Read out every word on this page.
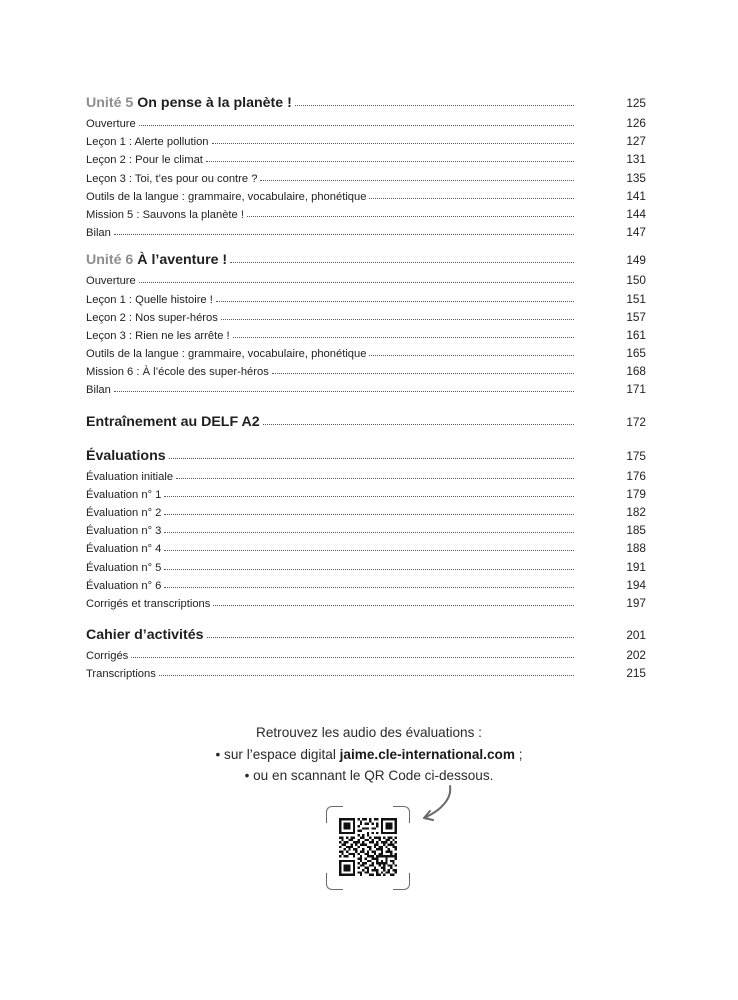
Unité 5 On pense à la planète !	125
Ouverture	126
Leçon 1 : Alerte pollution	127
Leçon 2 : Pour le climat	131
Leçon 3 : Toi, t’es pour ou contre ?	135
Outils de la langue : grammaire, vocabulaire, phonétique	141
Mission 5 : Sauvons la planète !	144
Bilan	147
Unité 6 À l’aventure !	149
Ouverture	150
Leçon 1 : Quelle histoire !	151
Leçon 2 : Nos super-héros	157
Leçon 3 : Rien ne les arrête !	161
Outils de la langue : grammaire, vocabulaire, phonétique	165
Mission 6 : À l’école des super-héros	168
Bilan	171
Entraînement au DELF A2	172
Évaluations	175
Évaluation initiale	176
Évaluation n° 1	179
Évaluation n° 2	182
Évaluation n° 3	185
Évaluation n° 4	188
Évaluation n° 5	191
Évaluation n° 6	194
Corrigés et transcriptions	197
Cahier d’activités	201
Corrigés	202
Transcriptions	215
Retrouvez les audio des évaluations :
• sur l’espace digital jaime.cle-international.com ;
• ou en scannant le QR Code ci-dessous.
